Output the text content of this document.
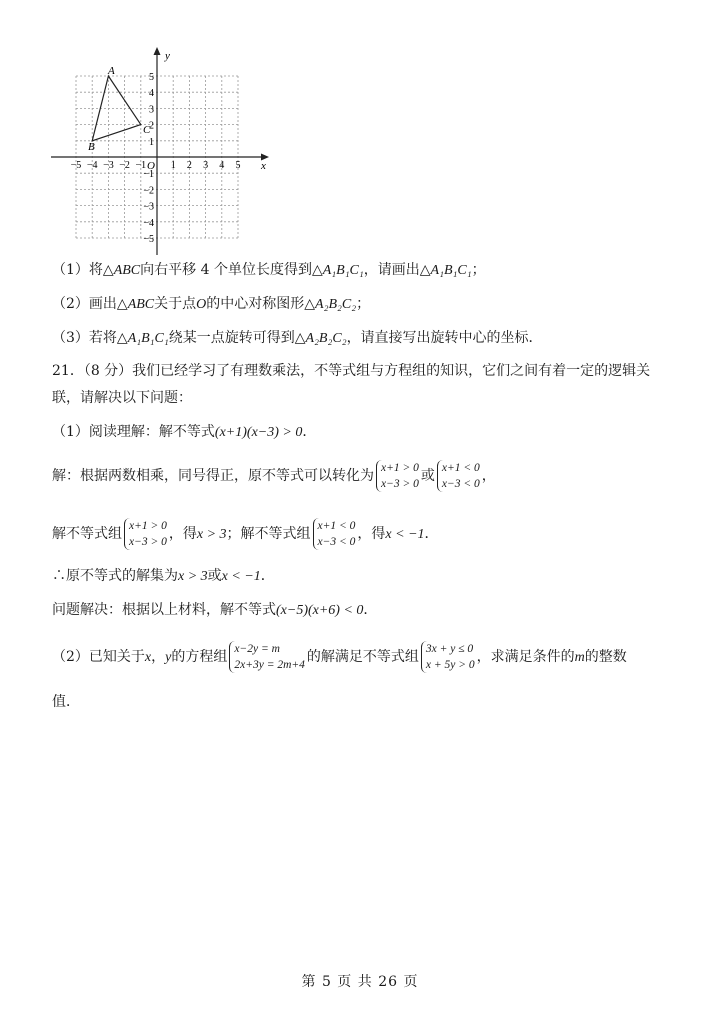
x
y
O
−5 −4 −3 −2 −1 1 2 3 4 5
5
4
3
2
1
−1
−2
−3
−4
−5
A
B
C
（1）将△ABC向右平移 4 个单位长度得到△A₁B₁C₁，请画出△A₁B₁C₁；
（2）画出△ABC关于点O的中心对称图形△A₂B₂C₂；
（3）若将△A₁B₁C₁绕某一点旋转可得到△A₂B₂C₂，请直接写出旋转中心的坐标．
21．（8 分）我们已经学习了有理数乘法，不等式组与方程组的知识，它们之间有着一定的逻辑关
联，请解决以下问题：
（1）阅读理解：解不等式(x+1)(x−3) > 0．
解：根据两数相乘，同号得正，原不等式可以转化为 x+1 > 0
x−3 > 0 或 x+1 < 0
x−3 < 0 ，
解不等式组 x+1 > 0
x−3 > 0 ，得x > 3；解不等式组 x+1 < 0
x−3 < 0 ，得x < −1．
∴原不等式的解集为x > 3或x < −1．
问题解决：根据以上材料，解不等式(x−5)(x+6) < 0．
（2）已知关于x，y的方程组 x−2y = m
2x+3y = 2m+4 的解满足不等式组 3x + y ≤ 0
x + 5y > 0 ，求满足条件的m的整数
值．
第 5 页 共 26 页
